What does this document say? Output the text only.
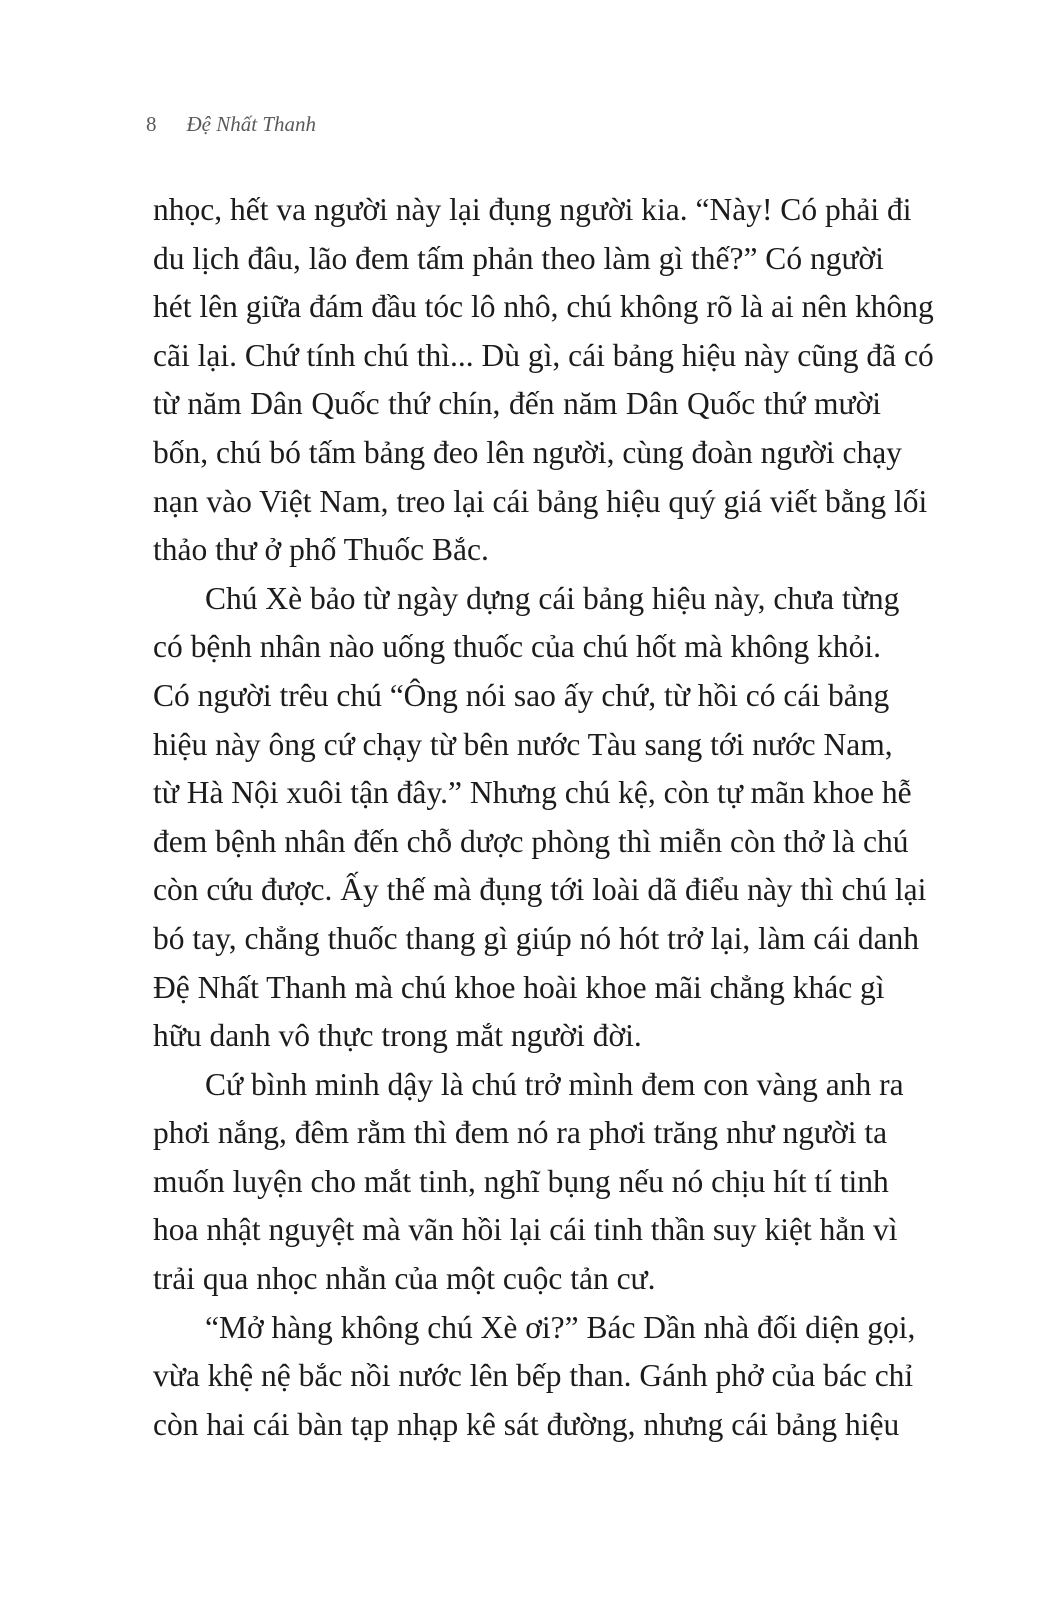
8 Đệ Nhất Thanh
nhọc, hết va người này lại đụng người kia. “Này! Có phải đi
du lịch đâu, lão đem tấm phản theo làm gì thế?” Có người
hét lên giữa đám đầu tóc lô nhô, chú không rõ là ai nên không
cãi lại. Chứ tính chú thì... Dù gì, cái bảng hiệu này cũng đã có
từ năm Dân Quốc thứ chín, đến năm Dân Quốc thứ mười
bốn, chú bó tấm bảng đeo lên người, cùng đoàn người chạy
nạn vào Việt Nam, treo lại cái bảng hiệu quý giá viết bằng lối
thảo thư ở phố Thuốc Bắc.
Chú Xè bảo từ ngày dựng cái bảng hiệu này, chưa từng
có bệnh nhân nào uống thuốc của chú hốt mà không khỏi.
Có người trêu chú “Ông nói sao ấy chứ, từ hồi có cái bảng
hiệu này ông cứ chạy từ bên nước Tàu sang tới nước Nam,
từ Hà Nội xuôi tận đây.” Nhưng chú kệ, còn tự mãn khoe hễ
đem bệnh nhân đến chỗ dược phòng thì miễn còn thở là chú
còn cứu được. Ấy thế mà đụng tới loài dã điểu này thì chú lại
bó tay, chẳng thuốc thang gì giúp nó hót trở lại, làm cái danh
Đệ Nhất Thanh mà chú khoe hoài khoe mãi chẳng khác gì
hữu danh vô thực trong mắt người đời.
Cứ bình minh dậy là chú trở mình đem con vàng anh ra
phơi nắng, đêm rằm thì đem nó ra phơi trăng như người ta
muốn luyện cho mắt tinh, nghĩ bụng nếu nó chịu hít tí tinh
hoa nhật nguyệt mà vãn hồi lại cái tinh thần suy kiệt hẳn vì
trải qua nhọc nhằn của một cuộc tản cư.
“Mở hàng không chú Xè ơi?” Bác Dần nhà đối diện gọi,
vừa khệ nệ bắc nồi nước lên bếp than. Gánh phở của bác chỉ
còn hai cái bàn tạp nhạp kê sát đường, nhưng cái bảng hiệu
